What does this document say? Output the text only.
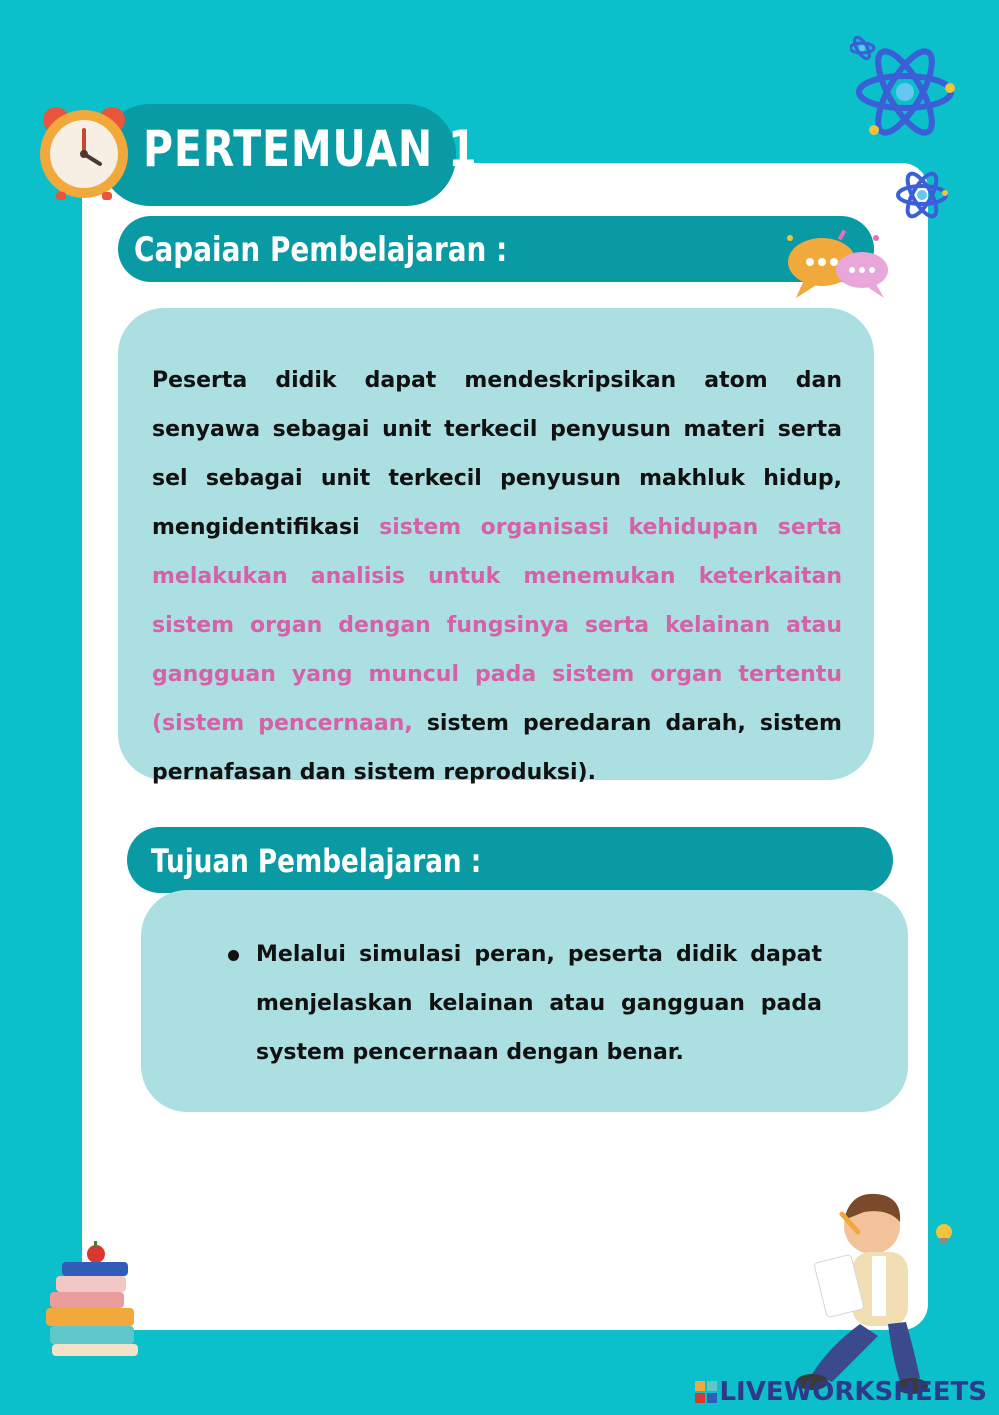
PERTEMUAN 1
Capaian Pembelajaran :

Peserta didik dapat mendeskripsikan atom dan senyawa sebagai unit terkecil penyusun materi serta sel sebagai unit terkecil penyusun makhluk hidup, mengidentifikasi sistem organisasi kehidupan serta melakukan analisis untuk menemukan keterkaitan sistem organ dengan fungsinya serta kelainan atau gangguan yang muncul pada sistem organ tertentu (sistem pencernaan, sistem peredaran darah, sistem pernafasan dan sistem reproduksi).

Tujuan Pembelajaran :
Melalui simulasi peran, peserta didik dapat menjelaskan kelainan atau gangguan pada system pencernaan dengan benar.
LIVEWORKSHEETS
